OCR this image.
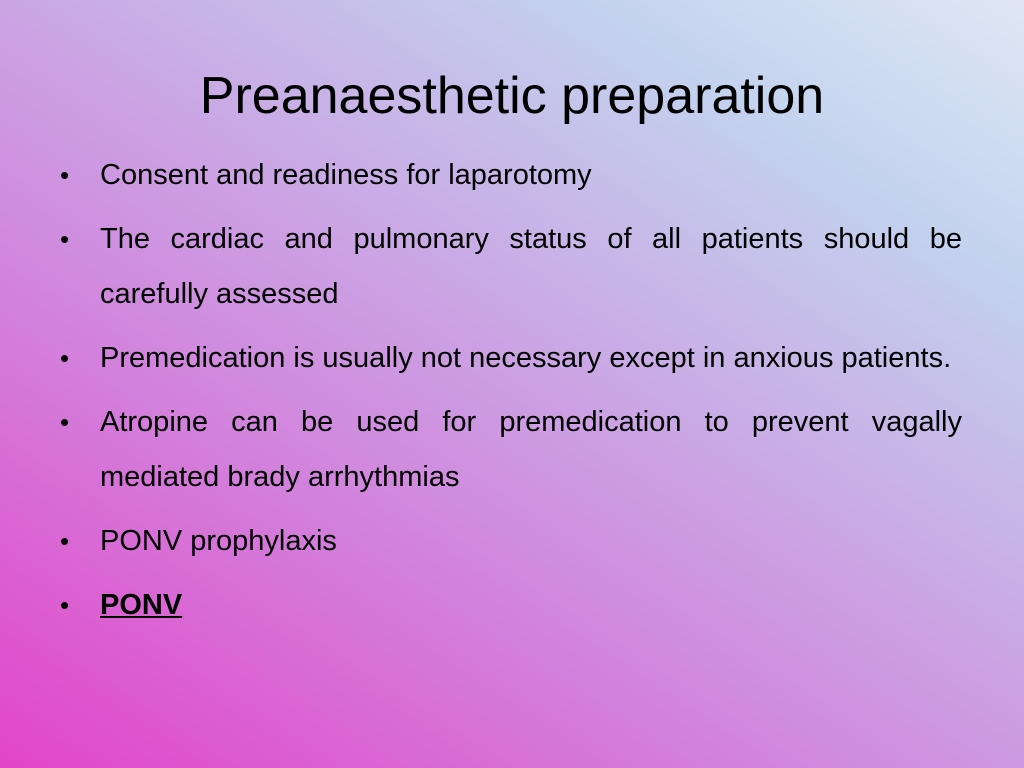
Preanaesthetic preparation
• Consent and readiness for laparotomy
• The cardiac and pulmonary status of all patients should be carefully assessed
• Premedication is usually not necessary except in anxious patients.
• Atropine can be used for premedication to prevent vagally mediated brady arrhythmias
• PONV prophylaxis
• PONV
